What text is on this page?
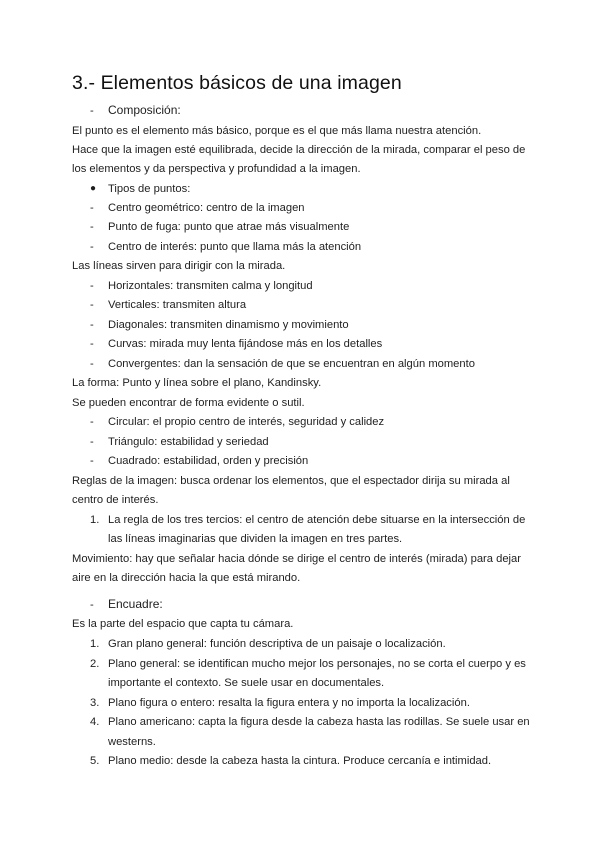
3.- Elementos básicos de una imagen
- Composición:
El punto es el elemento más básico, porque es el que más llama nuestra atención.
Hace que la imagen esté equilibrada, decide la dirección de la mirada, comparar el peso de
los elementos y da perspectiva y profundidad a la imagen.
● Tipos de puntos:
- Centro geométrico: centro de la imagen
- Punto de fuga: punto que atrae más visualmente
- Centro de interés: punto que llama más la atención
Las líneas sirven para dirigir con la mirada.
- Horizontales: transmiten calma y longitud
- Verticales: transmiten altura
- Diagonales: transmiten dinamismo y movimiento
- Curvas: mirada muy lenta fijándose más en los detalles
- Convergentes: dan la sensación de que se encuentran en algún momento
La forma: Punto y línea sobre el plano, Kandinsky.
Se pueden encontrar de forma evidente o sutil.
- Circular: el propio centro de interés, seguridad y calidez
- Triángulo: estabilidad y seriedad
- Cuadrado: estabilidad, orden y precisión
Reglas de la imagen: busca ordenar los elementos, que el espectador dirija su mirada al
centro de interés.
1. La regla de los tres tercios: el centro de atención debe situarse en la intersección de
las líneas imaginarias que dividen la imagen en tres partes.
Movimiento: hay que señalar hacia dónde se dirige el centro de interés (mirada) para dejar
aire en la dirección hacia la que está mirando.
- Encuadre:
Es la parte del espacio que capta tu cámara.
1. Gran plano general: función descriptiva de un paisaje o localización.
2. Plano general: se identifican mucho mejor los personajes, no se corta el cuerpo y es
importante el contexto. Se suele usar en documentales.
3. Plano figura o entero: resalta la figura entera y no importa la localización.
4. Plano americano: capta la figura desde la cabeza hasta las rodillas. Se suele usar en
westerns.
5. Plano medio: desde la cabeza hasta la cintura. Produce cercanía e intimidad.
